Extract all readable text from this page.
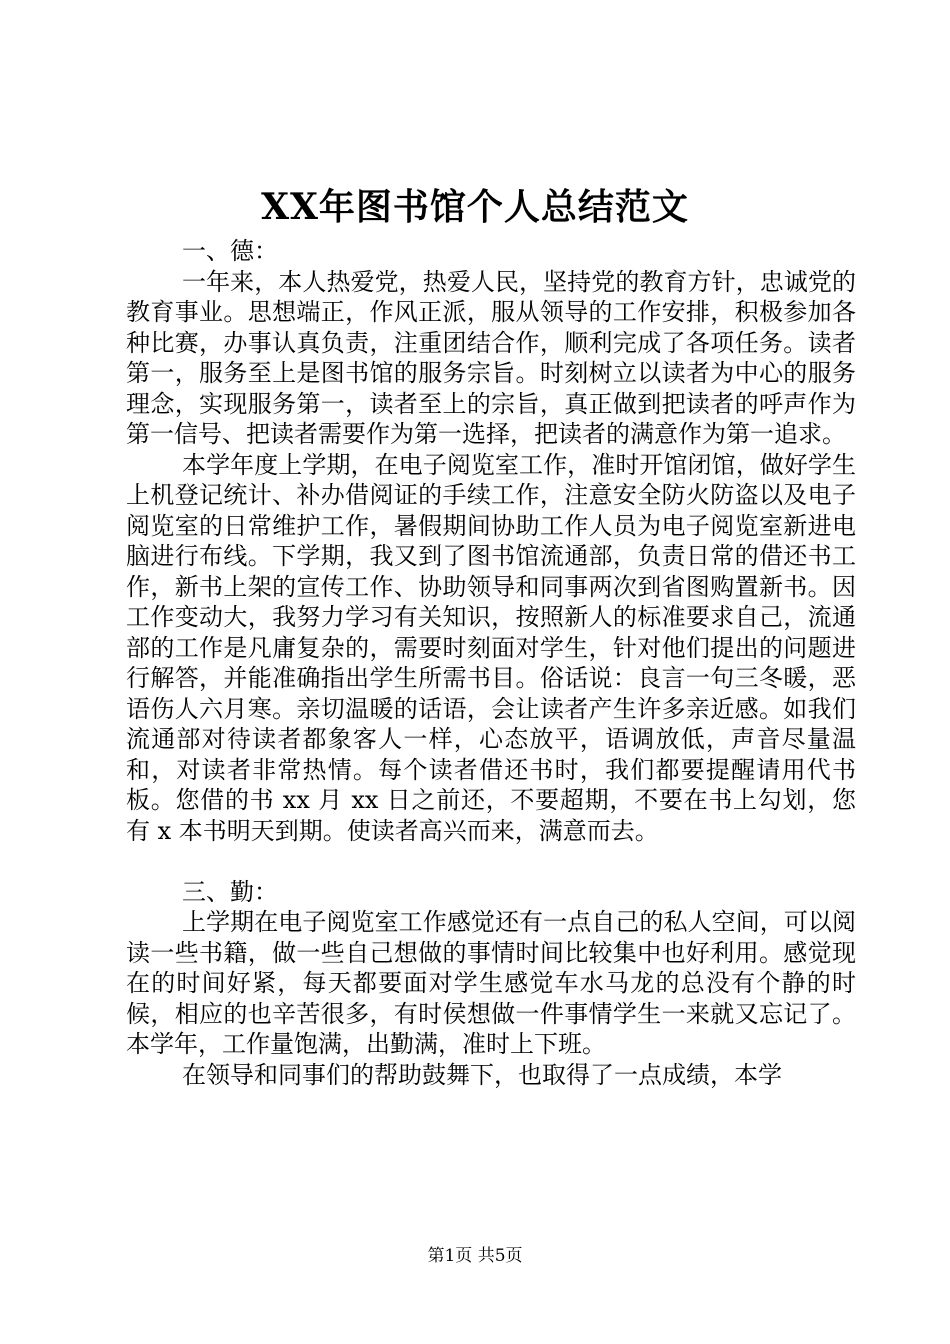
XX年图书馆个人总结范文
一、德：

一年来，本人热爱党，热爱人民，坚持党的教育方针，忠诚党的教育事业。思想端正，作风正派，服从领导的工作安排，积极参加各种比赛，办事认真负责，注重团结合作，顺利完成了各项任务。读者第一，服务至上是图书馆的服务宗旨。时刻树立以读者为中心的服务理念，实现服务第一，读者至上的宗旨，真正做到把读者的呼声作为第一信号、把读者需要作为第一选择，把读者的满意作为第一追求。

本学年度上学期，在电子阅览室工作，准时开馆闭馆，做好学生上机登记统计、补办借阅证的手续工作，注意安全防火防盗以及电子阅览室的日常维护工作，暑假期间协助工作人员为电子阅览室新进电脑进行布线。下学期，我又到了图书馆流通部，负责日常的借还书工作，新书上架的宣传工作、协助领导和同事两次到省图购置新书。因工作变动大，我努力学习有关知识，按照新人的标准要求自己，流通部的工作是凡庸复杂的，需要时刻面对学生，针对他们提出的问题进行解答，并能准确指出学生所需书目。俗话说：良言一句三冬暖，恶语伤人六月寒。亲切温暖的话语，会让读者产生许多亲近感。如我们流通部对待读者都象客人一样，心态放平，语调放低，声音尽量温和，对读者非常热情。每个读者借还书时，我们都要提醒请用代书板。您借的书 xx 月 xx 日之前还，不要超期，不要在书上勾划，您有 x 本书明天到期。使读者高兴而来，满意而去。

三、勤：

上学期在电子阅览室工作感觉还有一点自己的私人空间，可以阅读一些书籍，做一些自己想做的事情时间比较集中也好利用。感觉现在的时间好紧，每天都要面对学生感觉车水马龙的总没有个静的时候，相应的也辛苦很多，有时侯想做一件事情学生一来就又忘记了。本学年，工作量饱满，出勤满，准时上下班。

在领导和同事们的帮助鼓舞下，也取得了一点成绩，本学

第1页 共5页
